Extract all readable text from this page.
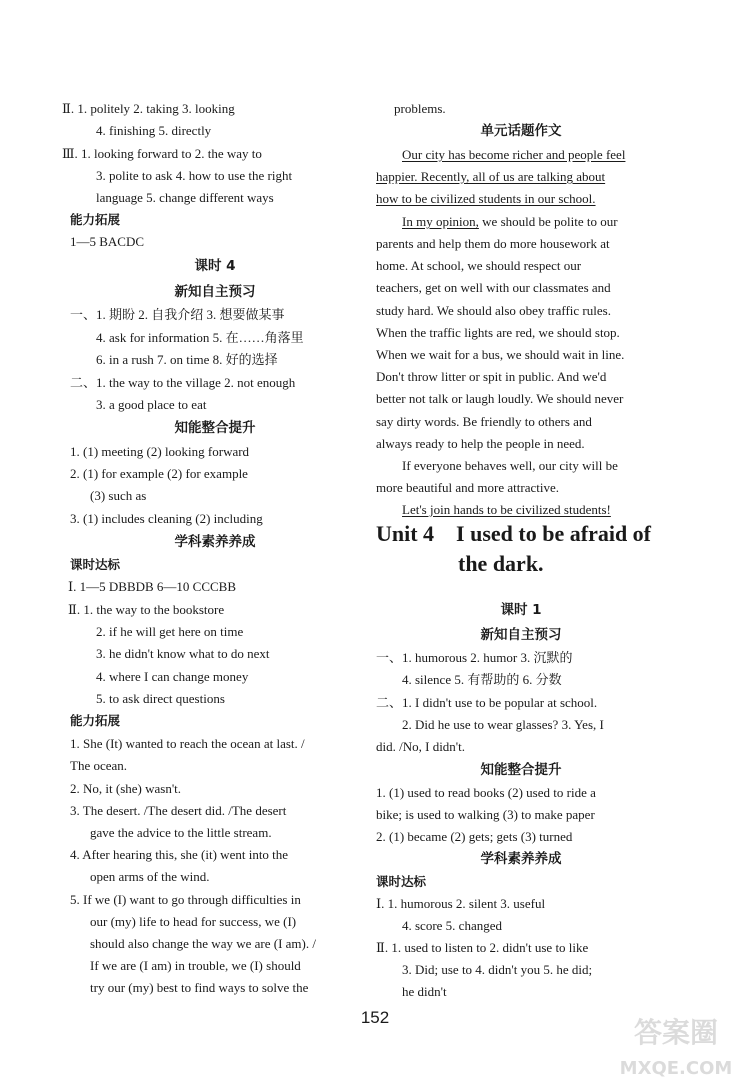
Ⅱ. 1. politely 2. taking 3. looking
4. finishing 5. directly
Ⅲ. 1. looking forward to 2. the way to
3. polite to ask 4. how to use the right
language 5. change different ways
能力拓展
1—5 BACDC
课时 4
新知自主预习
一、1. 期盼 2. 自我介绍 3. 想要做某事
4. ask for information 5. 在……角落里
6. in a rush 7. on time 8. 好的选择
二、1. the way to the village 2. not enough
3. a good place to eat
知能整合提升
1. (1) meeting (2) looking forward
2. (1) for example (2) for example
(3) such as
3. (1) includes cleaning (2) including
学科素养养成
课时达标
Ⅰ. 1—5 DBBDB 6—10 CCCBB
Ⅱ. 1. the way to the bookstore
2. if he will get here on time
3. he didn't know what to do next
4. where I can change money
5. to ask direct questions
能力拓展
1. She (It) wanted to reach the ocean at last. /
The ocean.
2. No, it (she) wasn't.
3. The desert. /The desert did. /The desert
gave the advice to the little stream.
4. After hearing this, she (it) went into the
open arms of the wind.
5. If we (I) want to go through difficulties in
our (my) life to head for success, we (I)
should also change the way we are (I am). /
If we are (I am) in trouble, we (I) should
try our (my) best to find ways to solve the
problems.
单元话题作文
Our city has become richer and people feel
happier. Recently, all of us are talking about
how to be civilized students in our school.
In my opinion, we should be polite to our
parents and help them do more housework at
home. At school, we should respect our
teachers, get on well with our classmates and
study hard. We should also obey traffic rules.
When the traffic lights are red, we should stop.
When we wait for a bus, we should wait in line.
Don't throw litter or spit in public. And we'd
better not talk or laugh loudly. We should never
say dirty words. Be friendly to others and
always ready to help the people in need.
If everyone behaves well, our city will be
more beautiful and more attractive.
Let's join hands to be civilized students!
Unit 4    I used to be afraid of
the dark.
课时 1
新知自主预习
一、1. humorous 2. humor 3. 沉默的
4. silence 5. 有帮助的 6. 分数
二、1. I didn't use to be popular at school.
2. Did he use to wear glasses? 3. Yes, I
did. /No, I didn't.
知能整合提升
1. (1) used to read books (2) used to ride a
bike; is used to walking (3) to make paper
2. (1) became (2) gets; gets (3) turned
学科素养养成
课时达标
Ⅰ. 1. humorous 2. silent 3. useful
4. score 5. changed
Ⅱ. 1. used to listen to 2. didn't use to like
3. Did; use to 4. didn't you 5. he did;
he didn't
152	答案圈
MXQE.COM
